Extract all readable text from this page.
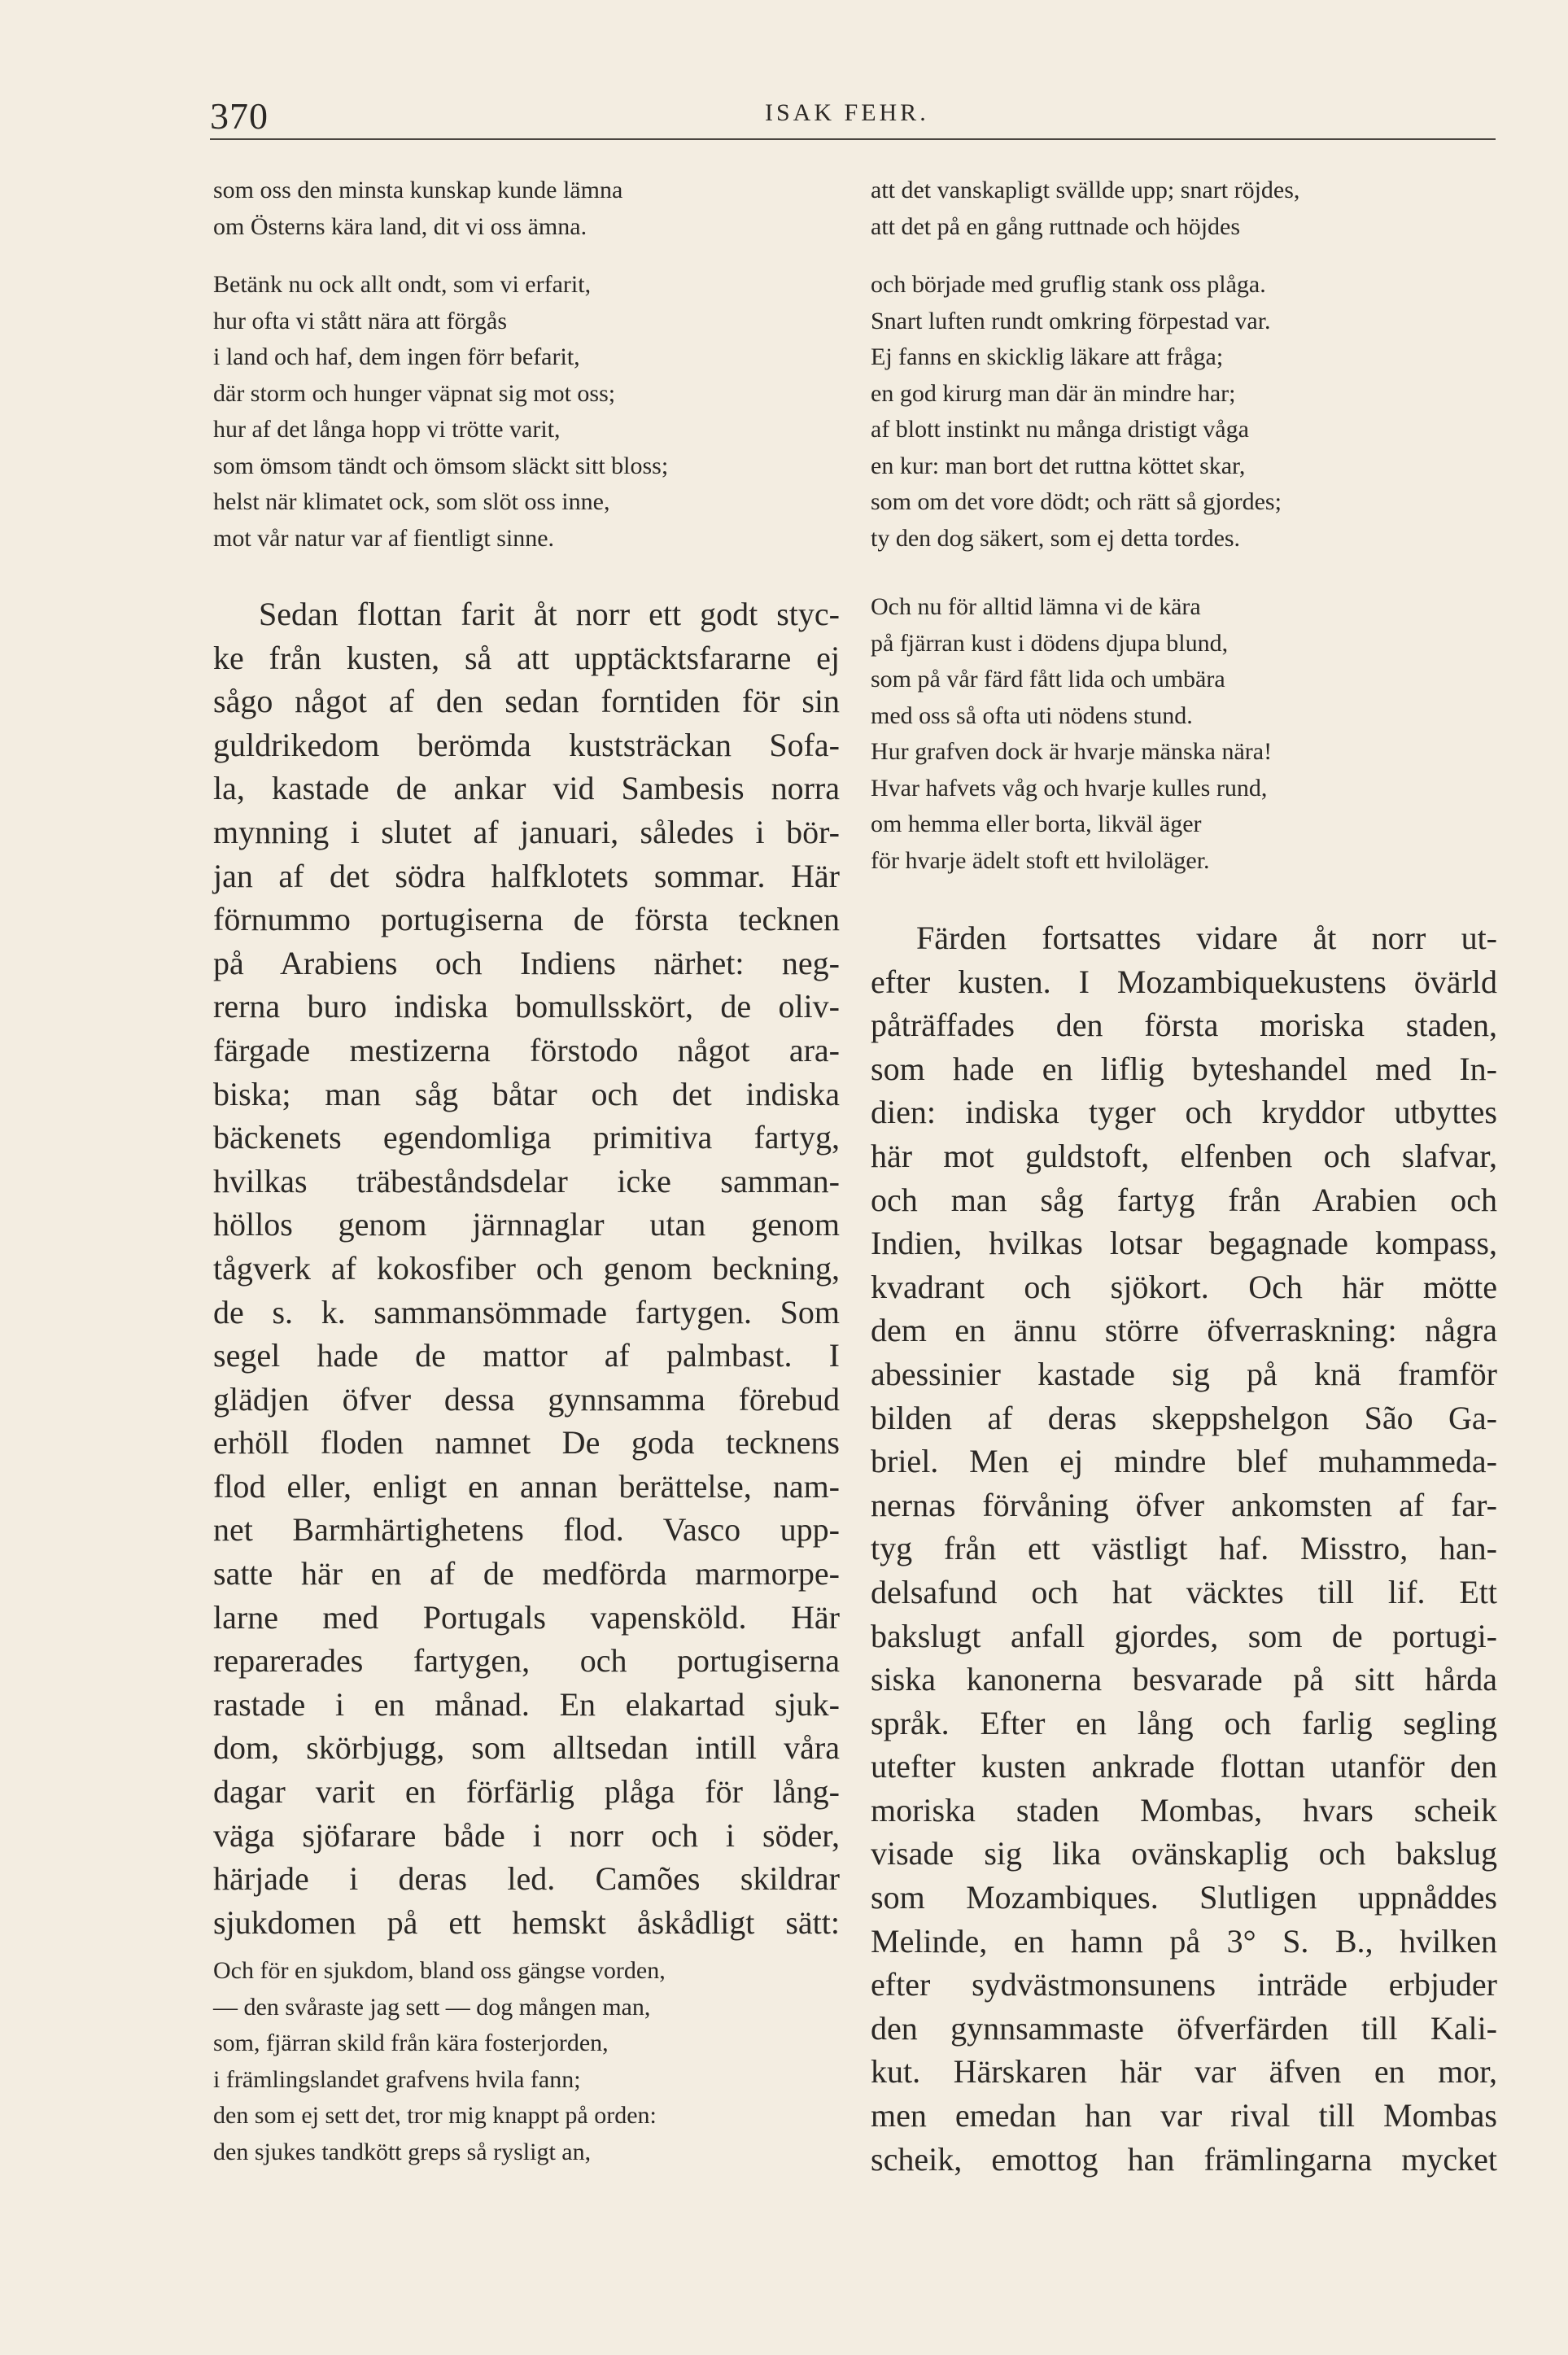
370	ISAK FEHR.
som oss den minsta kunskap kunde lämna
om Österns kära land, dit vi oss ämna.
Betänk nu ock allt ondt, som vi erfarit,
hur ofta vi stått nära att förgås
i land och haf, dem ingen förr befarit,
där storm och hunger väpnat sig mot oss;
hur af det långa hopp vi trötte varit,
som ömsom tändt och ömsom släckt sitt bloss;
helst när klimatet ock, som slöt oss inne,
mot vår natur var af fientligt sinne.
Sedan flottan farit åt norr ett godt styc-
ke från kusten, så att upptäcktsfararne ej
sågo något af den sedan forntiden för sin
guldrikedom berömda kuststräckan Sofa-
la, kastade de ankar vid Sambesis norra
mynning i slutet af januari, således i bör-
jan af det södra halfklotets sommar. Här
förnummo portugiserna de första tecknen
på Arabiens och Indiens närhet: neg-
rerna buro indiska bomullsskört, de oliv-
färgade mestizerna förstodo något ara-
biska; man såg båtar och det indiska
bäckenets egendomliga primitiva fartyg,
hvilkas träbeståndsdelar icke samman-
höllos genom järnnaglar utan genom
tågverk af kokosfiber och genom beckning,
de s. k. sammansömmade fartygen. Som
segel hade de mattor af palmbast. I
glädjen öfver dessa gynnsamma förebud
erhöll floden namnet De goda tecknens
flod eller, enligt en annan berättelse, nam-
net Barmhärtighetens flod. Vasco upp-
satte här en af de medförda marmorpe-
larne med Portugals vapensköld. Här
reparerades fartygen, och portugiserna
rastade i en månad. En elakartad sjuk-
dom, skörbjugg, som alltsedan intill våra
dagar varit en förfärlig plåga för lång-
väga sjöfarare både i norr och i söder,
härjade i deras led. Camões skildrar
sjukdomen på ett hemskt åskådligt sätt:
Och för en sjukdom, bland oss gängse vorden,
— den svåraste jag sett — dog mången man,
som, fjärran skild från kära fosterjorden,
i främlingslandet grafvens hvila fann;
den som ej sett det, tror mig knappt på orden:
den sjukes tandkött greps så rysligt an,
att det vanskapligt svällde upp; snart röjdes,
att det på en gång ruttnade och höjdes
och började med gruflig stank oss plåga.
Snart luften rundt omkring förpestad var.
Ej fanns en skicklig läkare att fråga;
en god kirurg man där än mindre har;
af blott instinkt nu många dristigt våga
en kur: man bort det ruttna köttet skar,
som om det vore dödt; och rätt så gjordes;
ty den dog säkert, som ej detta tordes.
Och nu för alltid lämna vi de kära
på fjärran kust i dödens djupa blund,
som på vår färd fått lida och umbära
med oss så ofta uti nödens stund.
Hur grafven dock är hvarje mänska nära!
Hvar hafvets våg och hvarje kulles rund,
om hemma eller borta, likväl äger
för hvarje ädelt stoft ett hviloläger.
Färden fortsattes vidare åt norr ut-
efter kusten. I Mozambiquekustens övärld
påträffades den första moriska staden,
som hade en liflig byteshandel med In-
dien: indiska tyger och kryddor utbyttes
här mot guldstoft, elfenben och slafvar,
och man såg fartyg från Arabien och
Indien, hvilkas lotsar begagnade kompass,
kvadrant och sjökort. Och här mötte
dem en ännu större öfverraskning: några
abessinier kastade sig på knä framför
bilden af deras skeppshelgon São Ga-
briel. Men ej mindre blef muhammeda-
nernas förvåning öfver ankomsten af far-
tyg från ett västligt haf. Misstro, han-
delsafund och hat väcktes till lif. Ett
bakslugt anfall gjordes, som de portugi-
siska kanonerna besvarade på sitt hårda
språk. Efter en lång och farlig segling
utefter kusten ankrade flottan utanför den
moriska staden Mombas, hvars scheik
visade sig lika ovänskaplig och bakslug
som Mozambiques. Slutligen uppnåddes
Melinde, en hamn på 3° S. B., hvilken
efter sydvästmonsunens inträde erbjuder
den gynnsammaste öfverfärden till Kali-
kut. Härskaren här var äfven en mor,
men emedan han var rival till Mombas
scheik, emottog han främlingarna mycket
